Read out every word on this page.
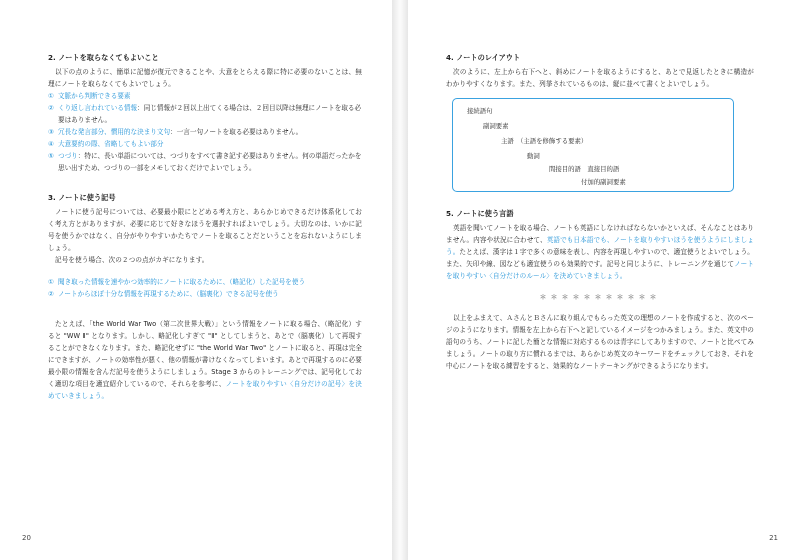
2. ノートを取らなくてもよいこと

以下の点のように、簡単に記憶が復元できることや、大意をとらえる際に特に必要のないことは、無理にノートを取らなくてもよいでしょう。

① 文脈から判断できる要素
② くり返し言われている情報：同じ情報が２回以上出てくる場合は、２回目以降は無理にノートを取る必要はありません。
③ 冗長な発言部分、慣用的な決まり文句：一言一句ノートを取る必要はありません。
④ 大意要約の際、省略してもよい部分
⑤ つづり：特に、長い単語については、つづりをすべて書き記す必要はありません。何の単語だったかを思い出すため、つづりの一部をメモしておくだけでよいでしょう。
3. ノートに使う記号

ノートに使う記号については、必要最小限にとどめる考え方と、あらかじめできるだけ体系化しておく考え方とがありますが、必要に応じて好きなほうを選択すればよいでしょう。大切なのは、いかに記号を使うかではなく、自分がやりやすいかたちでノートを取ることだということを忘れないようにしましょう。

記号を使う場合、次の２つの点がカギになります。

① 聞き取った情報を速やかつ効率的にノートに取るために、（略記化）した記号を使う
② ノートからほぼ十分な情報を再現するために、（脳裏化）できる記号を使う

たとえば、「the World War Two（第二次世界大戦）」という情報をノートに取る場合、（略記化）すると "WW Ⅱ" となります。しかし、略記化しすぎて "Ⅱ" としてしまうと、あとで（脳裏化）して再現することができなくなります。また、略記化せずに "the World War Two" とノートに取ると、再現は完全にできますが、ノートの効率性が悪く、他の情報が書けなくなってしまいます。あとで再現するのに必要最小限の情報を含んだ記号を使うようにしましょう。Stage 3 からのトレーニングでは、記号化しておく適切な項目を適宜紹介しているので、それらを参考に、ノートを取りやすい〈自分だけの記号〉を決めていきましょう。

20
4. ノートのレイアウト

次のように、左上から右下へと、斜めにノートを取るようにすると、あとで見返したときに構造がわかりやすくなります。また、列挙されているものは、縦に並べて書くとよいでしょう。

接続語句
副詞要素
主語　（主語を修飾する要素）
動詞
間接目的語　直接目的語
付加的副詞要素
5. ノートに使う言語

英語を聞いてノートを取る場合、ノートも英語にしなければならないかといえば、そんなことはありません。内容や状況に合わせて、英語でも日本語でも、ノートを取りやすいほうを使うようにしましょう。たとえば、漢字は１字で多くの意味を表し、内容を再現しやすいので、適宜使うとよいでしょう。また、矢印や線、図なども適宜使うのも効果的です。記号と同じように、トレーニングを通じてノートを取りやすい〈自分だけのルール〉を決めていきましょう。

＊＊＊＊＊＊＊＊＊＊＊

以上をふまえて、ＡさんとＢさんに取り組んでもらった英文の理想のノートを作成すると、次のページのようになります。情報を左上から右下へと記しているイメージをつかみましょう。また、英文中の語句のうち、ノートに記した簡とな情報に対応するものは青字にしてありますので、ノートと比べてみましょう。ノートの取り方に慣れるまでは、あらかじめ英文のキーワードをチェックしておき、それを中心にノートを取る練習をすると、効果的なノートテーキングができるようになります。

21
